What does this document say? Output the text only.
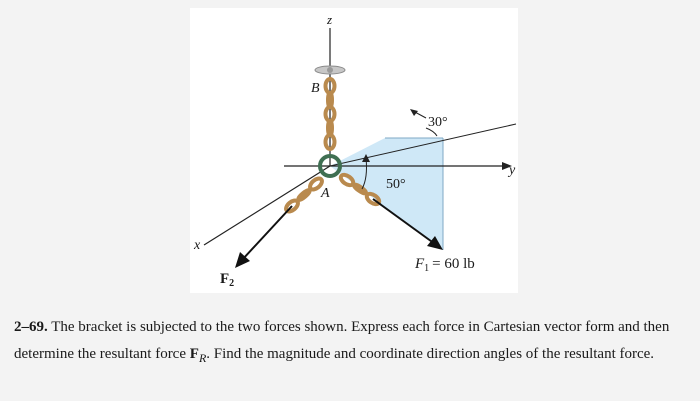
z
y
x
B
A
30°
50°
$F_1 = 60$ lb
$F_2$

2–69. The bracket is subjected to the two forces shown. Express each force in Cartesian vector form and then determine the resultant force $F_R$. Find the magnitude and coordinate direction angles of the resultant force.
